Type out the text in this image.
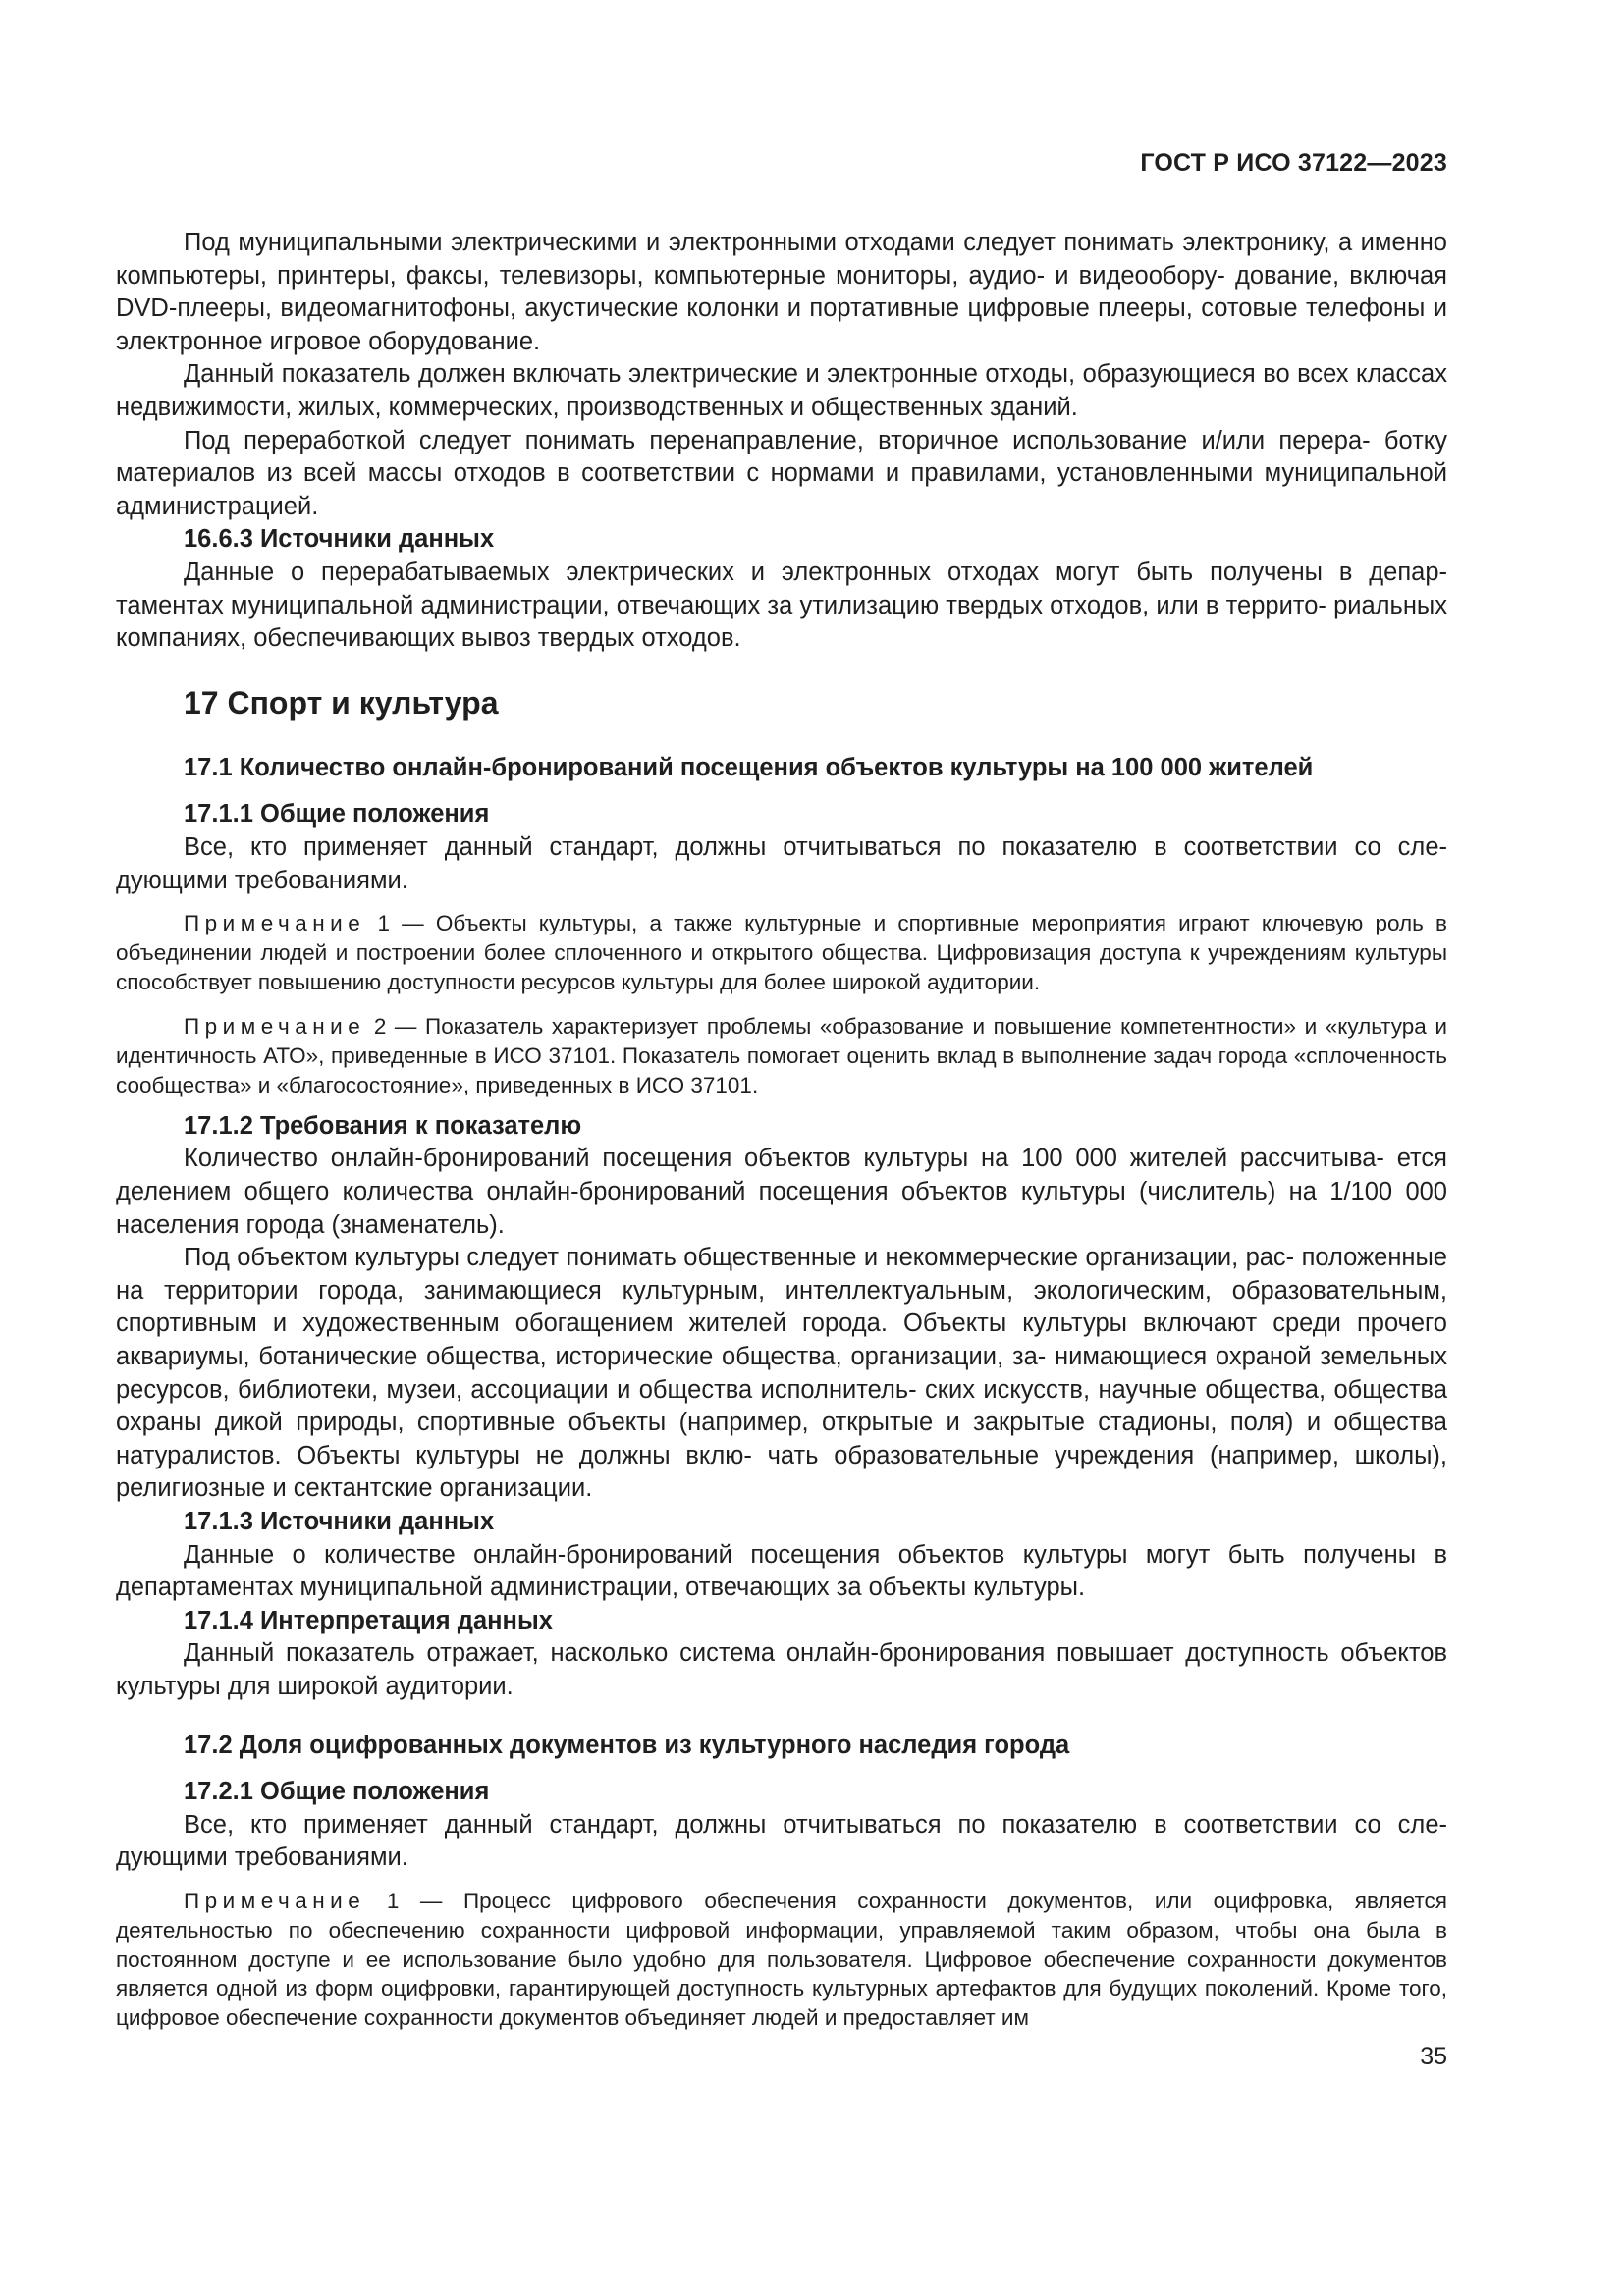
ГОСТ Р ИСО 37122—2023

Под муниципальными электрическими и электронными отходами следует понимать электронику, а именно компьютеры, принтеры, факсы, телевизоры, компьютерные мониторы, аудио- и видеообору- дование, включая DVD-плееры, видеомагнитофоны, акустические колонки и портативные цифровые плееры, сотовые телефоны и электронное игровое оборудование.

Данный показатель должен включать электрические и электронные отходы, образующиеся во всех классах недвижимости, жилых, коммерческих, производственных и общественных зданий.

Под переработкой следует понимать перенаправление, вторичное использование и/или перера- ботку материалов из всей массы отходов в соответствии с нормами и правилами, установленными муниципальной администрацией.

16.6.3 Источники данных

Данные о перерабатываемых электрических и электронных отходах могут быть получены в депар- таментах муниципальной администрации, отвечающих за утилизацию твердых отходов, или в террито- риальных компаниях, обеспечивающих вывоз твердых отходов.

17 Спорт и культура
17.1 Количество онлайн-бронирований посещения объектов культуры на 100 000 жителей
17.1.1 Общие положения

Все, кто применяет данный стандарт, должны отчитываться по показателю в соответствии со сле- дующими требованиями.

Примечание 1 — Объекты культуры, а также культурные и спортивные мероприятия играют ключевую роль в объединении людей и построении более сплоченного и открытого общества. Цифровизация доступа к учреждениям культуры способствует повышению доступности ресурсов культуры для более широкой аудитории.

Примечание 2 — Показатель характеризует проблемы «образование и повышение компетентности» и «культура и идентичность АТО», приведенные в ИСО 37101. Показатель помогает оценить вклад в выполнение задач города «сплоченность сообщества» и «благосостояние», приведенных в ИСО 37101.

17.1.2 Требования к показателю

Количество онлайн-бронирований посещения объектов культуры на 100 000 жителей рассчитыва- ется делением общего количества онлайн-бронирований посещения объектов культуры (числитель) на 1/100 000 населения города (знаменатель).

Под объектом культуры следует понимать общественные и некоммерческие организации, рас- положенные на территории города, занимающиеся культурным, интеллектуальным, экологическим, образовательным, спортивным и художественным обогащением жителей города. Объекты культуры включают среди прочего аквариумы, ботанические общества, исторические общества, организации, за- нимающиеся охраной земельных ресурсов, библиотеки, музеи, ассоциации и общества исполнитель- ских искусств, научные общества, общества охраны дикой природы, спортивные объекты (например, открытые и закрытые стадионы, поля) и общества натуралистов. Объекты культуры не должны вклю- чать образовательные учреждения (например, школы), религиозные и сектантские организации.

17.1.3 Источники данных

Данные о количестве онлайн-бронирований посещения объектов культуры могут быть получены в департаментах муниципальной администрации, отвечающих за объекты культуры.

17.1.4 Интерпретация данных

Данный показатель отражает, насколько система онлайн-бронирования повышает доступность объектов культуры для широкой аудитории.

17.2 Доля оцифрованных документов из культурного наследия города
17.2.1 Общие положения

Все, кто применяет данный стандарт, должны отчитываться по показателю в соответствии со сле- дующими требованиями.

Примечание 1 — Процесс цифрового обеспечения сохранности документов, или оцифровка, является деятельностью по обеспечению сохранности цифровой информации, управляемой таким образом, чтобы она была в постоянном доступе и ее использование было удобно для пользователя. Цифровое обеспечение сохранности документов является одной из форм оцифровки, гарантирующей доступность культурных артефактов для будущих поколений. Кроме того, цифровое обеспечение сохранности документов объединяет людей и предоставляет им

35
